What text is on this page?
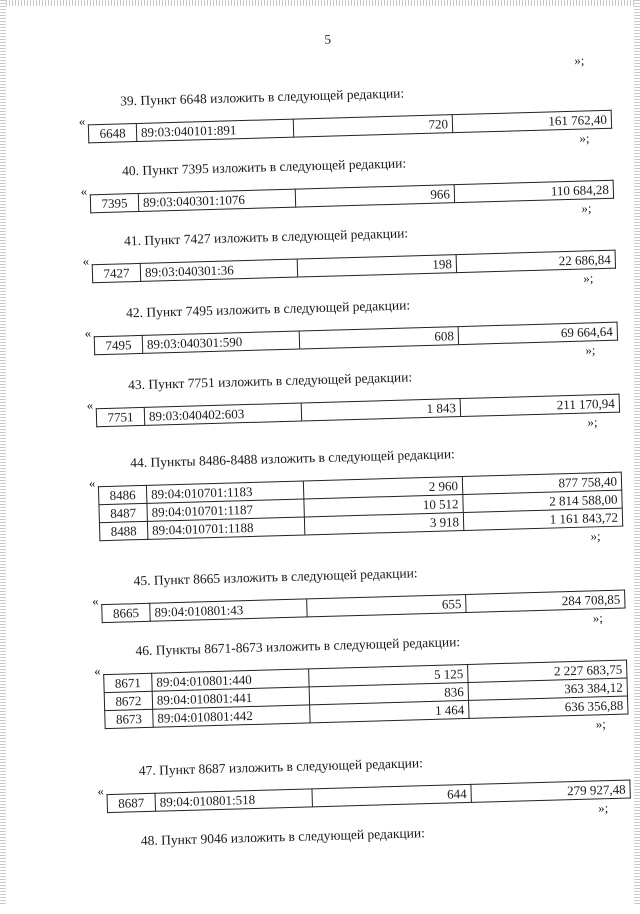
5
»;
39. Пункт 6648 изложить в следующей редакции:
«
6648	89:03:040101:891	720	161 762,40
»;
40. Пункт 7395 изложить в следующей редакции:
«
7395	89:03:040301:1076	966	110 684,28
»;
41. Пункт 7427 изложить в следующей редакции:
«
7427	89:03:040301:36	198	22 686,84
»;
42. Пункт 7495 изложить в следующей редакции:
«
7495	89:03:040301:590	608	69 664,64
»;
43. Пункт 7751 изложить в следующей редакции:
«
7751	89:03:040402:603	1 843	211 170,94
»;
44. Пункты 8486-8488 изложить в следующей редакции:
«
8486	89:04:010701:1183	2 960	877 758,40
8487	89:04:010701:1187	10 512	2 814 588,00
8488	89:04:010701:1188	3 918	1 161 843,72
»;
45. Пункт 8665 изложить в следующей редакции:
«
8665	89:04:010801:43	655	284 708,85
»;
46. Пункты 8671-8673 изложить в следующей редакции:
«
8671	89:04:010801:440	5 125	2 227 683,75
8672	89:04:010801:441	836	363 384,12
8673	89:04:010801:442	1 464	636 356,88
»;
47. Пункт 8687 изложить в следующей редакции:
«
8687	89:04:010801:518	644	279 927,48
»;
48. Пункт 9046 изложить в следующей редакции:
